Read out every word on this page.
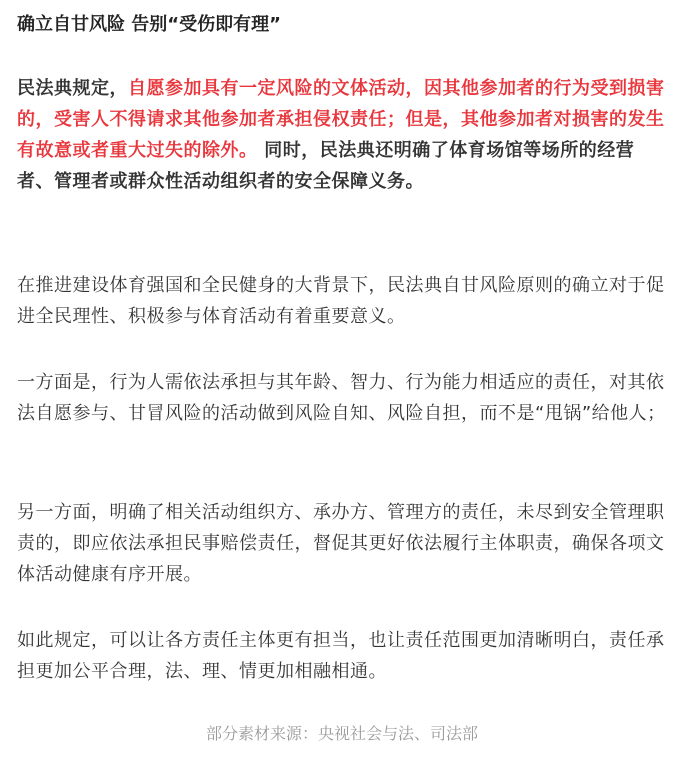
确立自甘风险 告别“受伤即有理”

民法典规定，自愿参加具有一定风险的文体活动，因其他参加者的行为受到损害的，受害人不得请求其他参加者承担侵权责任；但是，其他参加者对损害的发生有故意或者重大过失的除外。 同时，民法典还明确了体育场馆等场所的经营者、管理者或群众性活动组织者的安全保障义务。

在推进建设体育强国和全民健身的大背景下，民法典自甘风险原则的确立对于促进全民理性、积极参与体育活动有着重要意义。

一方面是，行为人需依法承担与其年龄、智力、行为能力相适应的责任，对其依法自愿参与、甘冒风险的活动做到风险自知、风险自担，而不是“甩锅”给他人；

另一方面，明确了相关活动组织方、承办方、管理方的责任，未尽到安全管理职责的，即应依法承担民事赔偿责任，督促其更好依法履行主体职责，确保各项文体活动健康有序开展。

如此规定，可以让各方责任主体更有担当，也让责任范围更加清晰明白，责任承担更加公平合理，法、理、情更加相融相通。

部分素材来源：央视社会与法、司法部
